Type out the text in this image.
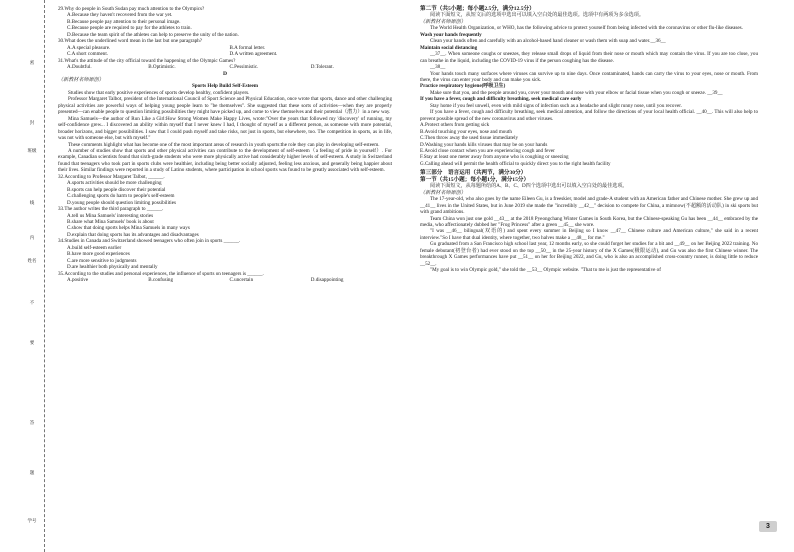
班级
姓名
学号
密
封
线
内
不
要
答
题

29.Why do people in South Sudan pay much attention to the Olympics?

A.Because they haven't recovered from the war yet.

B.Because people pay attention to their personal image.

C.Because people are required to pay for the athletes to train.

D.Because the team spirit of the athletes can help to preserve the unity of the nation.

30.What does the underlined word mean in the last but one paragraph?

A.A special pleasure.	B.A formal letter.
C.A short comment.	D.A written agreement.

31.What's the attitude of the city official toward the happening of the Olympic Games?

A.Doubtful.	B.Optimistic.	C.Pessimistic.	D.Tolerant.

D

（新教材名师原创）

Sports Help Build Self-Esteem

Studies show that early positive experiences of sports develop healthy, confident players.

Professor Margaret Talbot, president of the International Council of Sport Science and Physical Education, once wrote that sports, dance and other challenging physical activities are powerful ways of helping young people learn to "be themselves". She suggested that these sorts of activities—when they are properly presented—can enable people to question limiting possibilities they might have picked up, and come to view themselves and their potential（潜力）in a new way.

Mina Samuels—the author of Run Like a Girl:How Strong Women Make Happy Lives, wrote:"Over the years that followed my 'discovery' of running, my self-confidence grew... I discovered an ability within myself that I never knew I had, I thought of myself as a different person, as someone with more potential, broader horizons, and bigger possibilities. I saw that I could push myself and take risks, not just in sports, but elsewhere, too. The competition in sports, as in life, was not with someone else, but with myself."

These comments highlight what has become one of the most important areas of research in youth sports:the role they can play in developing self-esteem.

A number of studies show that sports and other physical activities can contribute to the development of self-esteem（a feeling of pride in yourself）. For example, Canadian scientists found that sixth-grade students who were more physically active had considerably higher levels of self-esteem. A study in Switzerland found that teenagers who took part in sports clubs were healthier, including being better socially adjusted, feeling less anxious, and generally being happier about their lives. Similar findings were reported in a study of Latino students, where participation in school sports was found to be greatly associated with self-esteem.

32.According to Professor Margaret Talbot, ______.

A.sports activities should be more challenging

B.sports can help people discover their potential

C.challenging sports do harm to people's self-esteem

D.young people should question limiting possibilities

33.The author writes the third paragraph to ______.

A.tell us Mina Samuels' interesting stories

B.share what Mina Samuels' book is about

C.show that doing sports helps Mina Samuels in many ways

D.explain that doing sports has its advantages and disadvantages

34.Studies in Canada and Switzerland showed teenagers who often join in sports ______.

A.build self-esteem earlier

B.have more good experiences

C.are more sensitive to judgments

D.are healthier both physically and mentally

35.According to the studies and personal experiences, the influence of sports on teenagers is ______.

A.positive	B.confusing	C.uncertain	D.disappointing

第二节（共5小题；每小题2.5分，满分12.5分）

阅读下面短文，从短文后的选项中选出可以填入空白处的最佳选项。选项中有两项为多余选项。

（新教材名师原创）

The World Health Organization, or WHO, has the following advice to protect yourself from being infected with the coronavirus or other flu-like diseases.

Wash your hands frequently

Clean your hands often and carefully with an alcohol-based hand cleaner or wash them with soap and water.__36__

Maintain social distancing

__37__. When someone coughs or sneezes, they release small drops of liquid from their nose or mouth which may contain the virus. If you are too close, you can breathe in the liquid, including the COVID-19 virus if the person coughing has the disease.

__38__

Your hands touch many surfaces where viruses can survive up to nine days. Once contaminated, hands can carry the virus to your eyes, nose or mouth. From there, the virus can enter your body and can make you sick.

Practice respiratory hygiene(呼吸卫生)

Make sure that you, and the people around you, cover your mouth and nose with your elbow or facial tissue when you cough or sneeze. __39__

If you have a fever, cough and difficulty breathing, seek medical care early

Stay home if you feel unwell, even with mild signs of infection such as a headache and slight runny nose, until you recover.

If you have a fever, cough and difficulty breathing, seek medical attention, and follow the directions of your local health official. __40__. This will also help to prevent possible spread of the new coronavirus and other viruses.

A.Protect others from getting sick

B.Avoid touching your eyes, nose and mouth

C.Then throw away the used tissue immediately

D.Washing your hands kills viruses that may be on your hands

E.Avoid close contact when you are experiencing cough and fever

F.Stay at least one meter away from anyone who is coughing or sneezing

G.Calling ahead will permit the health official to quickly direct you to the right health facility

第三部分　语言运用（共两节，满分30分）

第一节（共15小题；每小题1分，满分15分）

阅读下面短文，从每题所给的A、B、C、D四个选项中选出可以填入空白处的最佳选项。

（新教材名师原创）

The 17-year-old, who also goes by the name Eileen Gu, is a freeskier, model and grade-A student with an American father and Chinese mother. She grew up and __41__ lives in the United States, but in June 2019 she made the "incredibly __42__" decision to compete for China, a mimnow(不超额的活动队) in ski sports but with grand ambitions.

Team China won just one gold __43__ at the 2018 Pyeongchang Winter Games in South Korea, but the Chinese-speaking Gu has been __44__ embraced by the media, who affectionately dubbed her "Frog Princess" after a green __45__ she wore.

"I was __46__ bilingual(双语的) and spent every summer in Beijing so I know __47__ Chinese culture and American culture," she said in a recent interview."So I have that dual identity, where together, two halves make a __48__ for me."

Gu graduated from a San Francisco high school last year, 12 months early, so she could forget her studies for a bit and __49__ on her Beijing 2022 training. No female debutant(初登台者) had ever stood on the top __50__ in the 25-year history of the X Games(极限运动), and Gu was also the first Chinese winner. The breakthrough X Games performances have put __51__ on her for Beijing 2022, and Gu, who is also an accomplished cross-country runner, is doing little to reduce __52__.

"My goal is to win Olympic gold," she told the __53__ Olympic website. "That to me is just the representative of

3
